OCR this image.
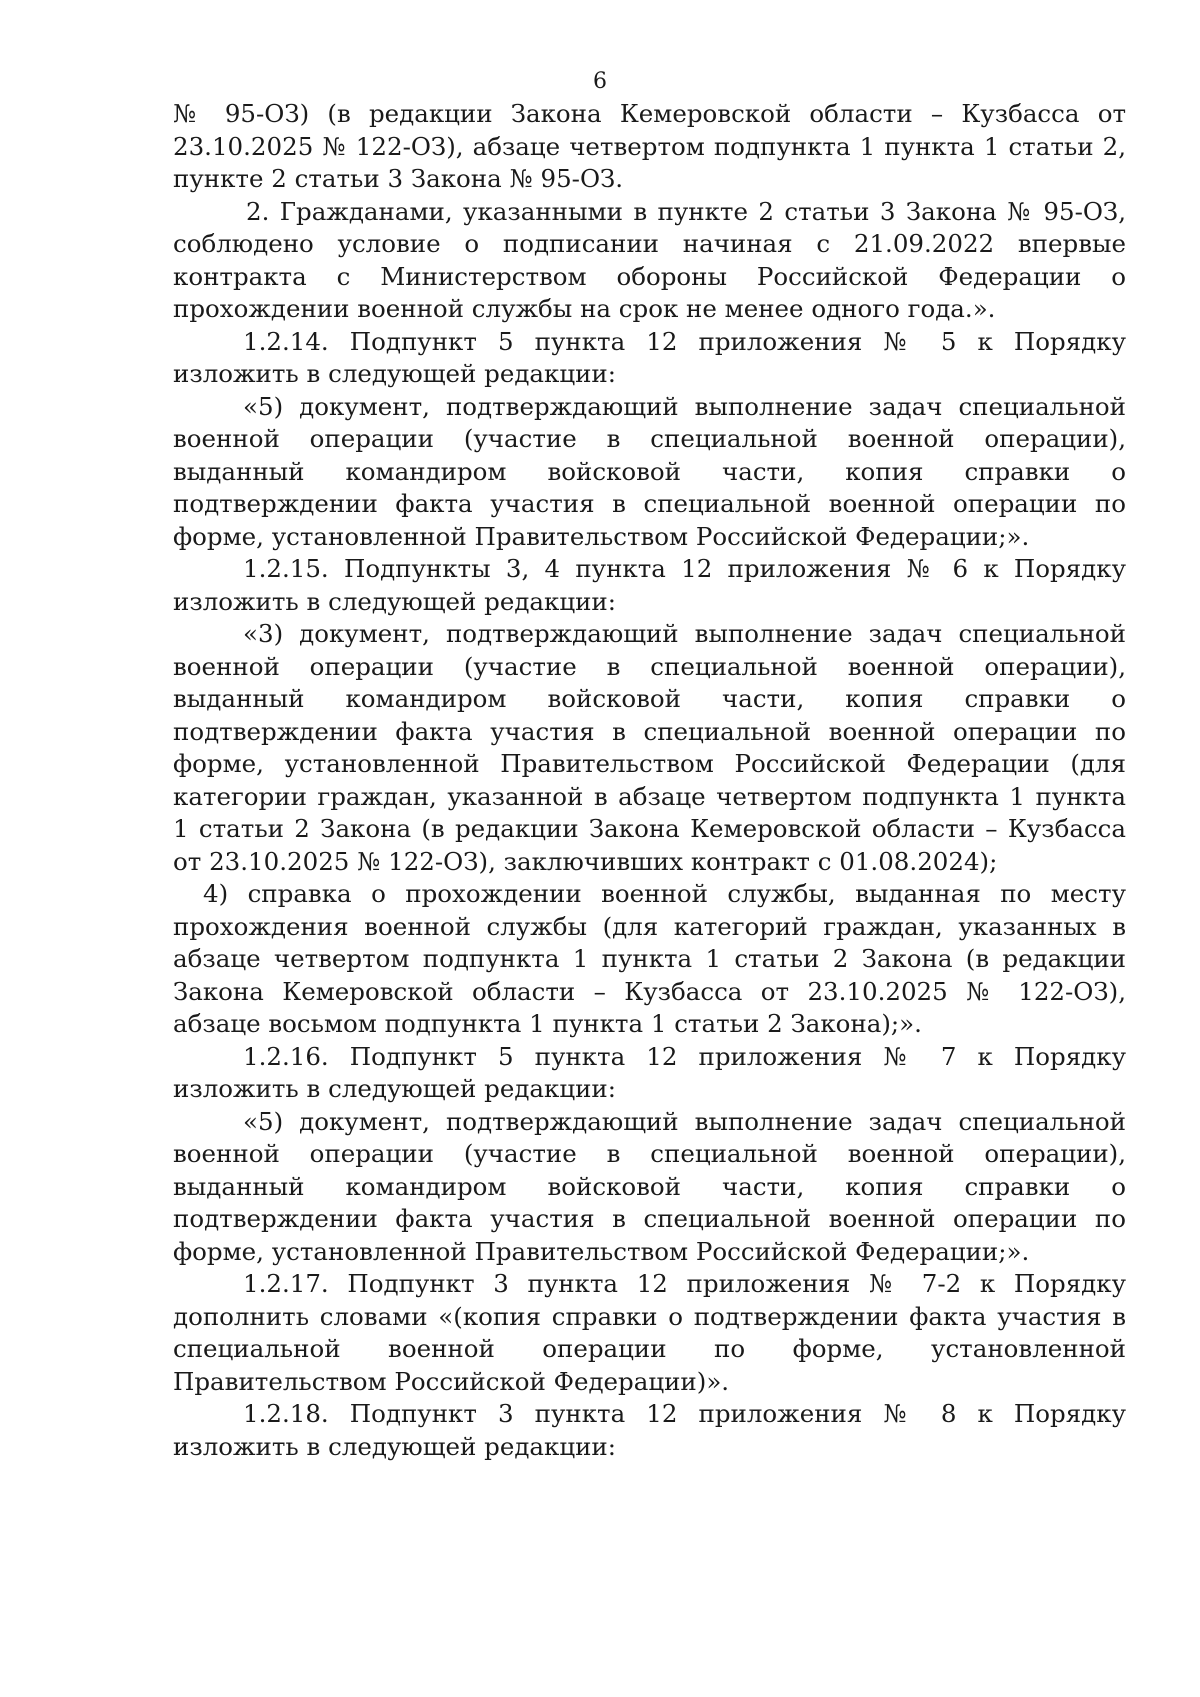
6

№ 95-ОЗ) (в редакции Закона Кемеровской области – Кузбасса от 23.10.2025 № 122-ОЗ), абзаце четвертом подпункта 1 пункта 1 статьи 2, пункте 2 статьи 3 Закона № 95-ОЗ.

2. Гражданами, указанными в пункте 2 статьи 3 Закона № 95-ОЗ, соблюдено условие о подписании начиная с 21.09.2022 впервые контракта с Министерством обороны Российской Федерации о прохождении военной службы на срок не менее одного года.».

1.2.14. Подпункт 5 пункта 12 приложения № 5 к Порядку изложить в следующей редакции:

«5) документ, подтверждающий выполнение задач специальной военной операции (участие в специальной военной операции), выданный командиром войсковой части, копия справки о подтверждении факта участия в специальной военной операции по форме, установленной Правительством Российской Федерации;».

1.2.15. Подпункты 3, 4 пункта 12 приложения № 6 к Порядку изложить в следующей редакции:

«3) документ, подтверждающий выполнение задач специальной военной операции (участие в специальной военной операции), выданный командиром войсковой части, копия справки о подтверждении факта участия в специальной военной операции по форме, установленной Правительством Российской Федерации (для категории граждан, указанной в абзаце четвертом подпункта 1 пункта 1 статьи 2 Закона (в редакции Закона Кемеровской области – Кузбасса от 23.10.2025 № 122-ОЗ), заключивших контракт с 01.08.2024);

4) справка о прохождении военной службы, выданная по месту прохождения военной службы (для категорий граждан, указанных в абзаце четвертом подпункта 1 пункта 1 статьи 2 Закона (в редакции Закона Кемеровской области – Кузбасса от 23.10.2025 № 122-ОЗ), абзаце восьмом подпункта 1 пункта 1 статьи 2 Закона);».

1.2.16. Подпункт 5 пункта 12 приложения № 7 к Порядку изложить в следующей редакции:

«5) документ, подтверждающий выполнение задач специальной военной операции (участие в специальной военной операции), выданный командиром войсковой части, копия справки о подтверждении факта участия в специальной военной операции по форме, установленной Правительством Российской Федерации;».

1.2.17. Подпункт 3 пункта 12 приложения № 7-2 к Порядку дополнить словами «(копия справки о подтверждении факта участия в специальной военной операции по форме, установленной Правительством Российской Федерации)».

1.2.18. Подпункт 3 пункта 12 приложения № 8 к Порядку изложить в следующей редакции:
